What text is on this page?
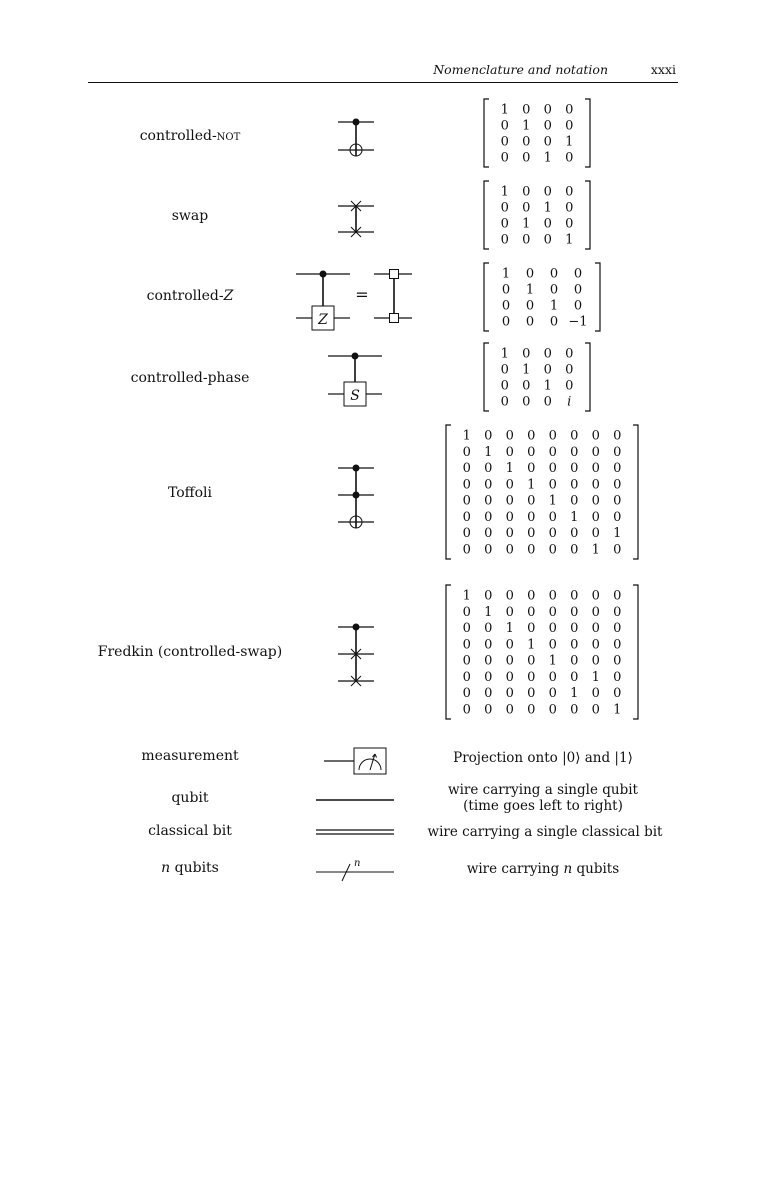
Nomenclature and notation	xxxi
controlled-not
1 0 0 0
0 1 0 0
0 0 0 1
0 0 1 0
swap
1 0 0 0
0 0 1 0
0 1 0 0
0 0 0 1
controlled-Z
Z
=
1 0 0 0
0 1 0 0
0 0 1 0
0 0 0 −1
controlled-phase
S
1 0 0 0
0 1 0 0
0 0 1 0
0 0 0 i
Toffoli
1 0 0 0 0 0 0 0
0 1 0 0 0 0 0 0
0 0 1 0 0 0 0 0
0 0 0 1 0 0 0 0
0 0 0 0 1 0 0 0
0 0 0 0 0 1 0 0
0 0 0 0 0 0 0 1
0 0 0 0 0 0 1 0
Fredkin (controlled-swap)
1 0 0 0 0 0 0 0
0 1 0 0 0 0 0 0
0 0 1 0 0 0 0 0
0 0 0 1 0 0 0 0
0 0 0 0 1 0 0 0
0 0 0 0 0 0 1 0
0 0 0 0 0 1 0 0
0 0 0 0 0 0 0 1
measurement	Projection onto |0⟩ and |1⟩
qubit	wire carrying a single qubit
(time goes left to right)
classical bit	wire carrying a single classical bit
n qubits	n	wire carrying n qubits
